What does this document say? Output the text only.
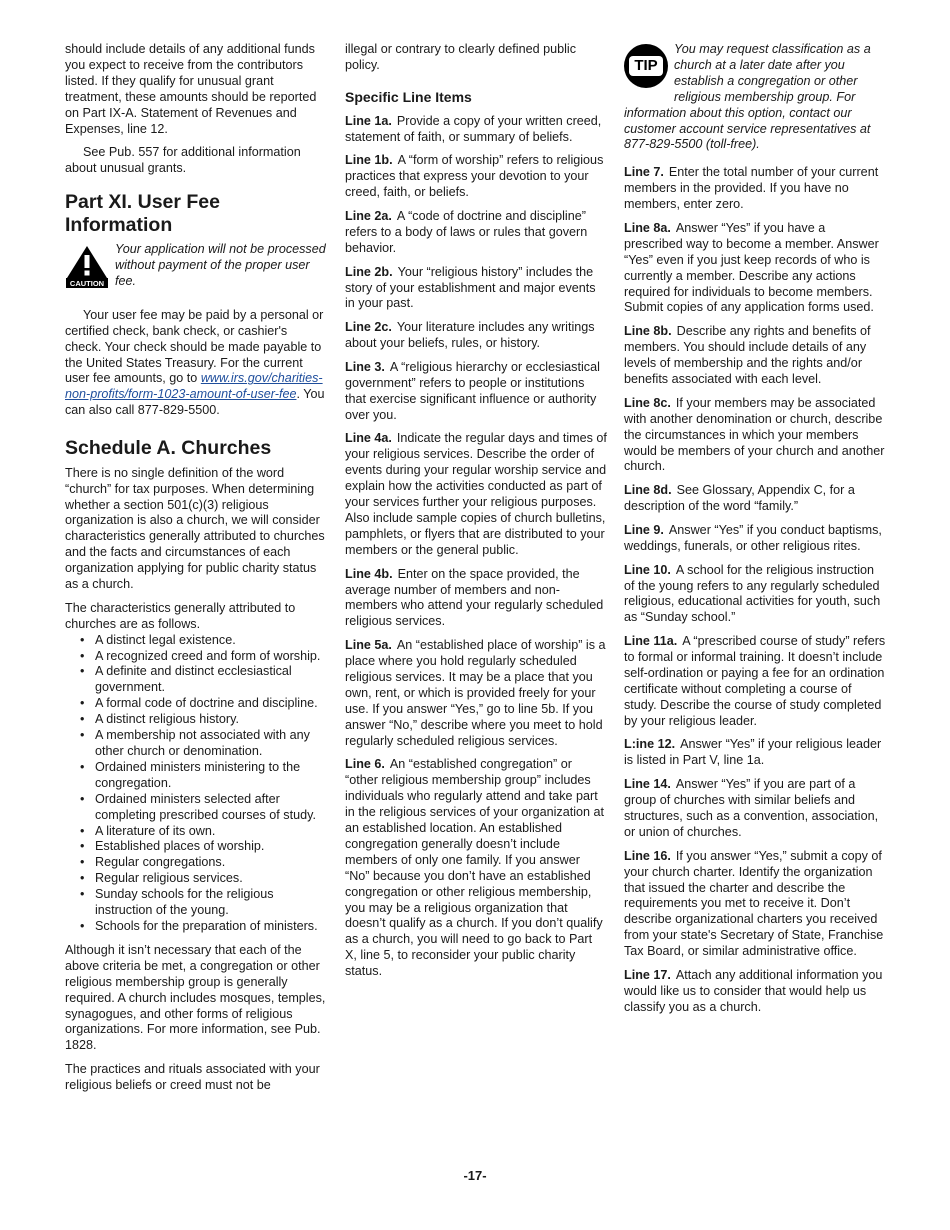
should include details of any additional funds you expect to receive from the contributors listed. If they qualify for unusual grant treatment, these amounts should be reported on Part IX-A. Statement of Revenues and Expenses, line 12.

See Pub. 557 for additional information about unusual grants.

Part XI. User Fee Information
CAUTION
Your application will not be processed without payment of the proper user fee.

Your user fee may be paid by a personal or certified check, bank check, or cashier's check. Your check should be made payable to the United States Treasury. For the current user fee amounts, go to www.irs.gov/charities-non-profits/form-1023-amount-of-user-fee. You can also call 877-829-5500.

Schedule A. Churches

There is no single definition of the word “church” for tax purposes. When determining whether a section 501(c)(3) religious organization is also a church, we will consider characteristics generally attributed to churches and the facts and circumstances of each organization applying for public charity status as a church.

The characteristics generally attributed to churches are as follows.

• A distinct legal existence.
• A recognized creed and form of worship.
• A definite and distinct ecclesiastical government.
• A formal code of doctrine and discipline.
• A distinct religious history.
• A membership not associated with any other church or denomination.
• Ordained ministers ministering to the congregation.
• Ordained ministers selected after completing prescribed courses of study.
• A literature of its own.
• Established places of worship.
• Regular congregations.
• Regular religious services.
• Sunday schools for the religious instruction of the young.
• Schools for the preparation of ministers.

Although it isn’t necessary that each of the above criteria be met, a congregation or other religious membership group is generally required. A church includes mosques, temples, synagogues, and other forms of religious organizations. For more information, see Pub. 1828.

The practices and rituals associated with your religious beliefs or creed must not be

illegal or contrary to clearly defined public policy.

Specific Line Items

Line 1a. Provide a copy of your written creed, statement of faith, or summary of beliefs.

Line 1b. A “form of worship” refers to religious practices that express your devotion to your creed, faith, or beliefs.

Line 2a. A “code of doctrine and discipline” refers to a body of laws or rules that govern behavior.

Line 2b. Your “religious history” includes the story of your establishment and major events in your past.

Line 2c. Your literature includes any writings about your beliefs, rules, or history.

Line 3. A “religious hierarchy or ecclesiastical government” refers to people or institutions that exercise significant influence or authority over you.

Line 4a. Indicate the regular days and times of your religious services. Describe the order of events during your regular worship service and explain how the activities conducted as part of your services further your religious purposes. Also include sample copies of church bulletins, pamphlets, or flyers that are distributed to your members or the general public.

Line 4b. Enter on the space provided, the average number of members and non-members who attend your regularly scheduled religious services.

Line 5a. An “established place of worship” is a place where you hold regularly scheduled religious services. It may be a place that you own, rent, or which is provided freely for your use. If you answer “Yes,” go to line 5b. If you answer “No,” describe where you meet to hold regularly scheduled religious services.

Line 6. An “established congregation” or “other religious membership group” includes individuals who regularly attend and take part in the religious services of your organization at an established location. An established congregation generally doesn’t include members of only one family. If you answer “No” because you don’t have an established congregation or other religious membership, you may be a religious organization that doesn’t qualify as a church. If you don’t qualify as a church, you will need to go back to Part X, line 5, to reconsider your public charity status.

TIP
You may request classification as a church at a later date after you establish a congregation or other religious membership group. For information about this option, contact our customer account service representatives at 877-829-5500 (toll-free).

Line 7. Enter the total number of your current members in the provided. If you have no members, enter zero.

Line 8a. Answer “Yes” if you have a prescribed way to become a member. Answer “Yes” even if you just keep records of who is currently a member. Describe any actions required for individuals to become members. Submit copies of any application forms used.

Line 8b. Describe any rights and benefits of members. You should include details of any levels of membership and the rights and/or benefits associated with each level.

Line 8c. If your members may be associated with another denomination or church, describe the circumstances in which your members would be members of your church and another church.

Line 8d. See Glossary, Appendix C, for a description of the word “family.”

Line 9. Answer “Yes” if you conduct baptisms, weddings, funerals, or other religious rites.

Line 10. A school for the religious instruction of the young refers to any regularly scheduled religious, educational activities for youth, such as “Sunday school.”

Line 11a. A “prescribed course of study” refers to formal or informal training. It doesn’t include self-ordination or paying a fee for an ordination certificate without completing a course of study. Describe the course of study completed by your religious leader.

L:ine 12. Answer “Yes” if your religious leader is listed in Part V, line 1a.

Line 14. Answer “Yes” if you are part of a group of churches with similar beliefs and structures, such as a convention, association, or union of churches.

Line 16. If you answer “Yes,” submit a copy of your church charter. Identify the organization that issued the charter and describe the requirements you met to receive it. Don’t describe organizational charters you received from your state's Secretary of State, Franchise Tax Board, or similar administrative office.

Line 17. Attach any additional information you would like us to consider that would help us classify you as a church.

-17-
